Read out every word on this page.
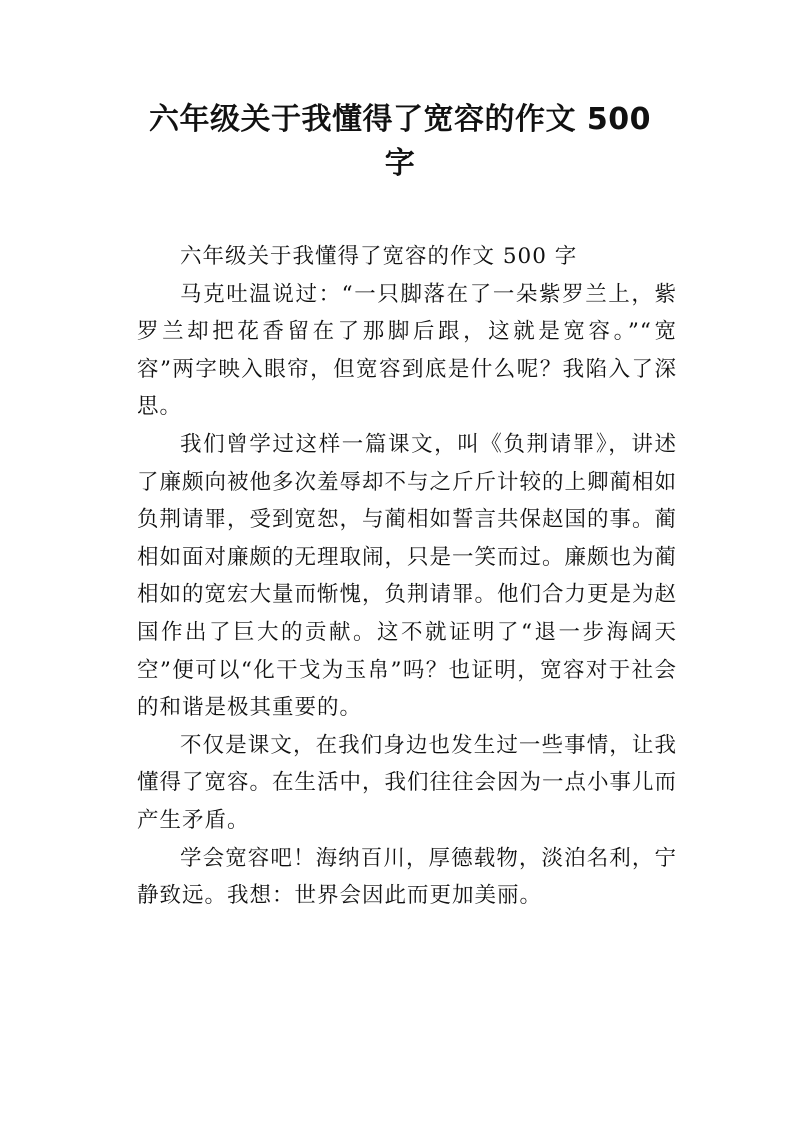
六年级关于我懂得了宽容的作文 500
字

六年级关于我懂得了宽容的作文 500 字

马克吐温说过：“一只脚落在了一朵紫罗兰上，紫罗兰却把花香留在了那脚后跟，这就是宽容。”“宽容”两字映入眼帘，但宽容到底是什么呢？我陷入了深思。

我们曾学过这样一篇课文，叫《负荆请罪》，讲述了廉颇向被他多次羞辱却不与之斤斤计较的上卿蔺相如负荆请罪，受到宽恕，与蔺相如誓言共保赵国的事。蔺相如面对廉颇的无理取闹，只是一笑而过。廉颇也为蔺相如的宽宏大量而惭愧，负荆请罪。他们合力更是为赵国作出了巨大的贡献。这不就证明了“退一步海阔天空”便可以“化干戈为玉帛”吗？也证明，宽容对于社会的和谐是极其重要的。

不仅是课文，在我们身边也发生过一些事情，让我懂得了宽容。在生活中，我们往往会因为一点小事儿而产生矛盾。

学会宽容吧！海纳百川，厚德载物，淡泊名利，宁静致远。我想：世界会因此而更加美丽。
